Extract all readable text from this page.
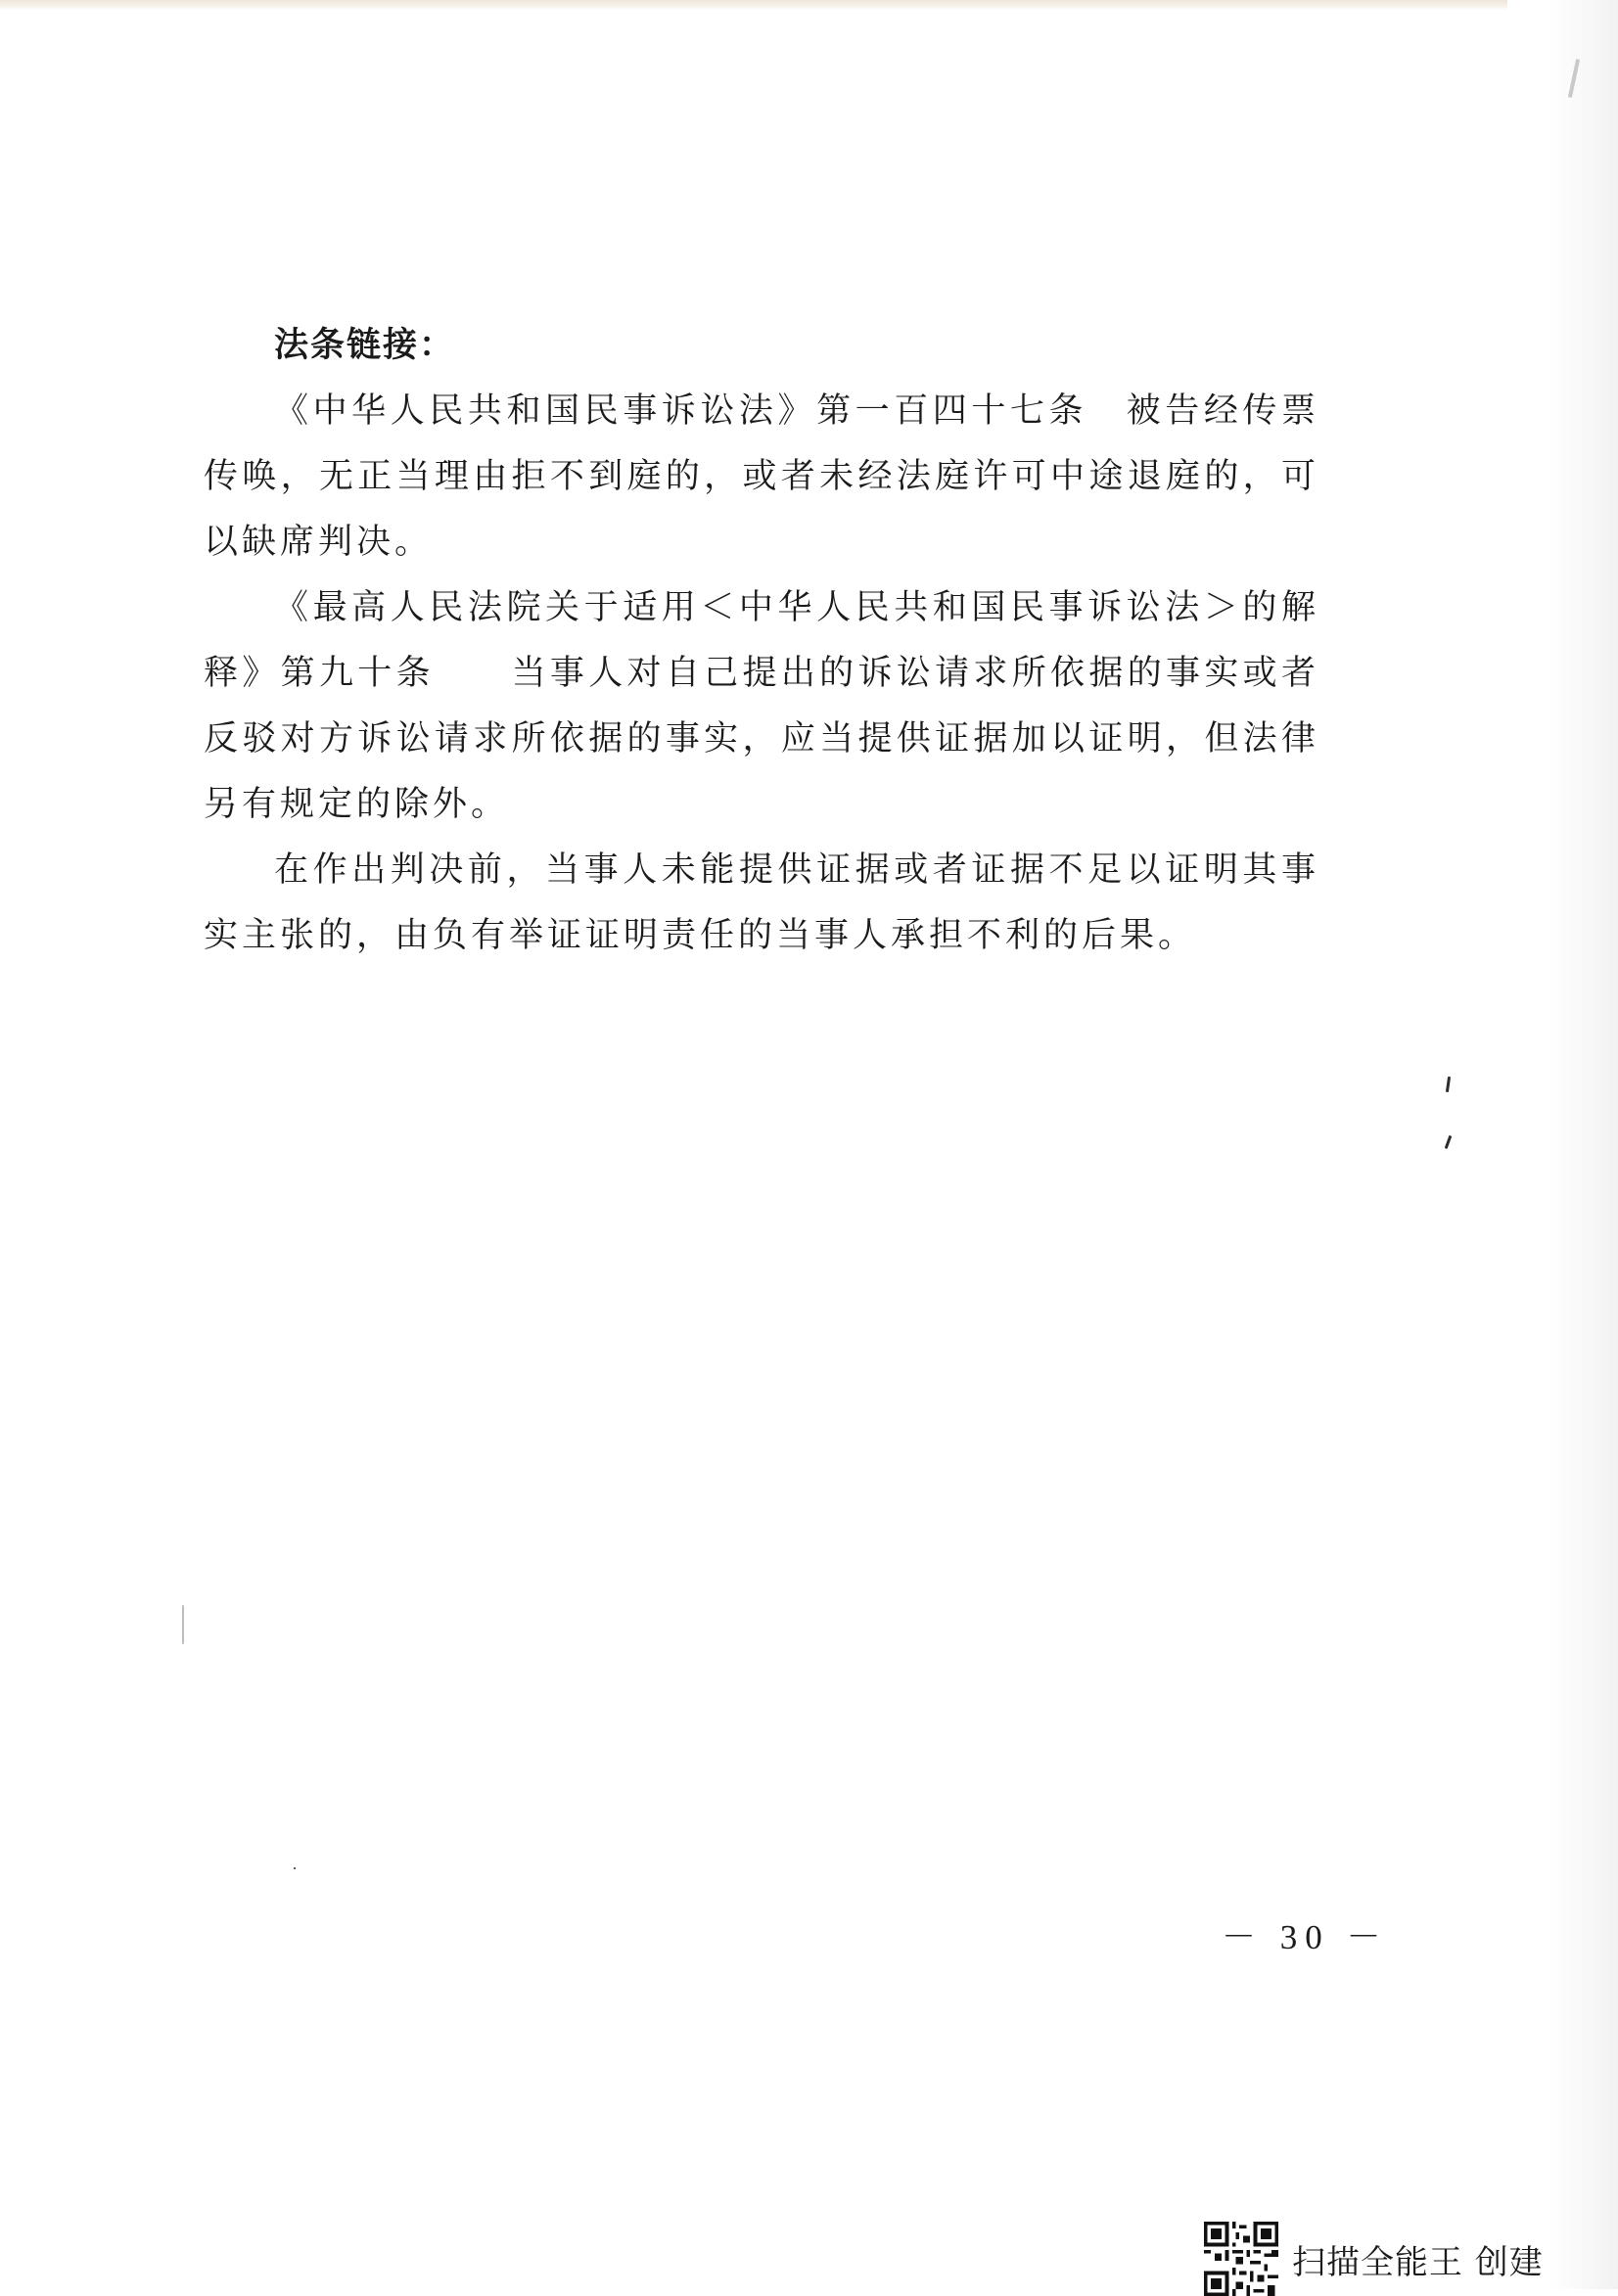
法条链接：

《中华人民共和国民事诉讼法》第一百四十七条　被告经传票传唤，无正当理由拒不到庭的，或者未经法庭许可中途退庭的，可以缺席判决。

《最高人民法院关于适用＜中华人民共和国民事诉讼法＞的解释》第九十条　　当事人对自己提出的诉讼请求所依据的事实或者反驳对方诉讼请求所依据的事实，应当提供证据加以证明，但法律另有规定的除外。

在作出判决前，当事人未能提供证据或者证据不足以证明其事实主张的，由负有举证证明责任的当事人承担不利的后果。

－ 30 －
扫描全能王 创建
